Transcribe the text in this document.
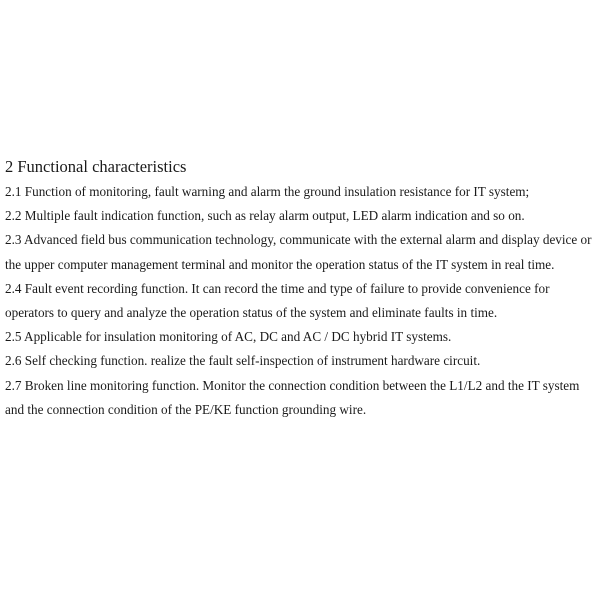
2 Functional characteristics

2.1 Function of monitoring, fault warning and alarm the ground insulation resistance for IT system;

2.2 Multiple fault indication function, such as relay alarm output, LED alarm indication and so on.

2.3 Advanced field bus communication technology, communicate with the external alarm and display device or the upper computer management terminal and monitor the operation status of the IT system in real time.

2.4 Fault event recording function. It can record the time and type of failure to provide convenience for operators to query and analyze the operation status of the system and eliminate faults in time.

2.5 Applicable for insulation monitoring of AC, DC and AC / DC hybrid IT systems.

2.6 Self checking function. realize the fault self-inspection of instrument hardware circuit.

2.7 Broken line monitoring function. Monitor the connection condition between the L1/L2 and the IT system and the connection condition of the PE/KE function grounding wire.
